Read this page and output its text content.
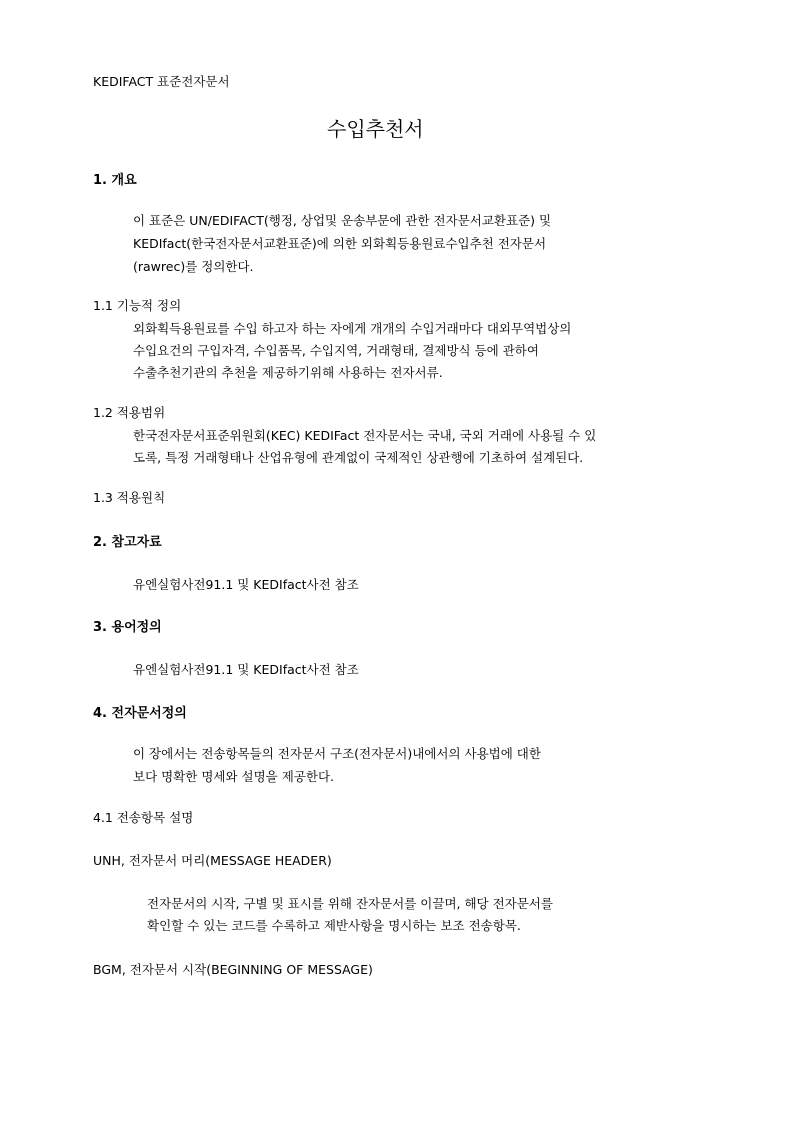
KEDIFACT 표준전자문서
수입추천서
1. 개요
이 표준은 UN/EDIFACT(행정, 상업및 운송부문에 관한 전자문서교환표준) 및
KEDIfact(한국전자문서교환표준)에 의한 외화획등용원료수입추천 전자문서
(rawrec)를 정의한다.
1.1 기능적 정의
외화획득용원료를 수입 하고자 하는 자에게 개개의 수입거래마다 대외무역법상의
수입요건의 구입자격, 수입품목, 수입지역, 거래형태, 결제방식 등에 관하여
수출추천기관의 추천을 제공하기위해 사용하는 전자서류.
1.2 적용범위
한국전자문서표준위원회(KEC) KEDIFact 전자문서는 국내, 국외 거래에 사용될 수 있
도록, 특정 거래형태나 산업유형에 관계없이 국제적인 상관행에 기초하여 설계된다.
1.3 적용원칙
2. 참고자료
유엔실험사전91.1 및 KEDIfact사전 참조
3. 용어정의
유엔실험사전91.1 및 KEDIfact사전 참조
4. 전자문서정의
이 장에서는 전송항목들의 전자문서 구조(전자문서)내에서의 사용법에 대한
보다 명확한 명세와 설명을 제공한다.
4.1 전송항목 설명
UNH, 전자문서 머리(MESSAGE HEADER)
전자문서의 시작, 구별 및 표시를 위해 잔자문서를 이끌며, 해당 전자문서를
확인할 수 있는 코드를 수록하고 제반사항을 명시하는 보조 전송항목.
BGM, 전자문서 시작(BEGINNING OF MESSAGE)
